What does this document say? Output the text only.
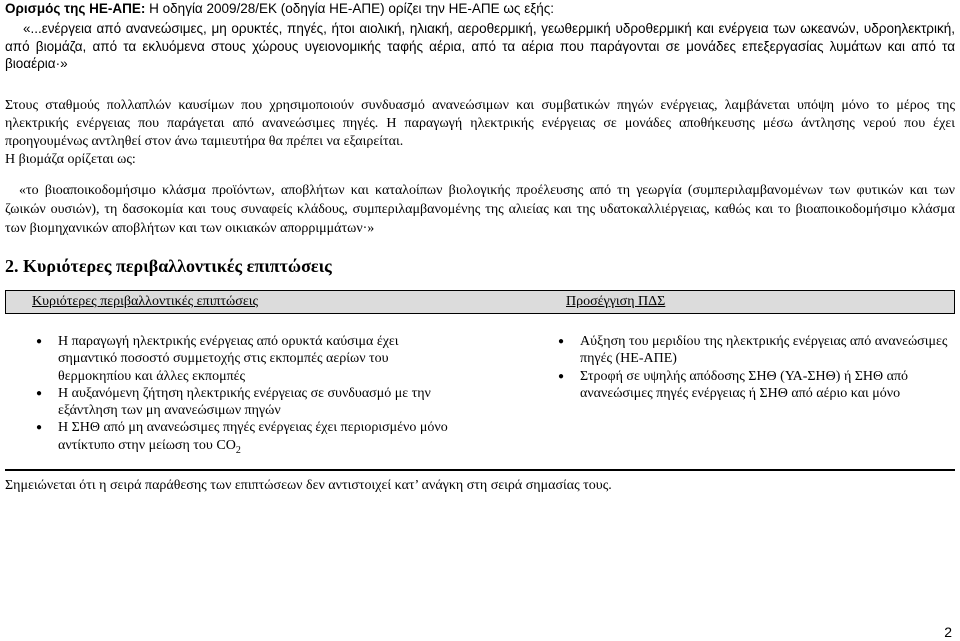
Ορισμός της ΗΕ-ΑΠΕ: Η οδηγία 2009/28/ΕΚ (οδηγία ΗΕ-ΑΠΕ) ορίζει την ΗΕ-ΑΠΕ ως εξής:
«...ενέργεια από ανανεώσιμες, μη ορυκτές, πηγές, ήτοι αιολική, ηλιακή, αεροθερμική, γεωθερμική υδροθερμική και ενέργεια των ωκεανών, υδροηλεκτρική, από βιομάζα, από τα εκλυόμενα στους χώρους υγειονομικής ταφής αέρια, από τα αέρια που παράγονται σε μονάδες επεξεργασίας λυμάτων και από τα βιοαέρια·»
Στους σταθμούς πολλαπλών καυσίμων που χρησιμοποιούν συνδυασμό ανανεώσιμων και συμβατικών πηγών ενέργειας, λαμβάνεται υπόψη μόνο το μέρος της ηλεκτρικής ενέργειας που παράγεται από ανανεώσιμες πηγές. Η παραγωγή ηλεκτρικής ενέργειας σε μονάδες αποθήκευσης μέσω άντλησης νερού που έχει προηγουμένως αντληθεί στον άνω ταμιευτήρα θα πρέπει να εξαιρείται.
Η βιομάζα ορίζεται ως:
«το βιοαποικοδομήσιμο κλάσμα προϊόντων, αποβλήτων και καταλοίπων βιολογικής προέλευσης από τη γεωργία (συμπεριλαμβανομένων των φυτικών και των ζωικών ουσιών), τη δασοκομία και τους συναφείς κλάδους, συμπεριλαμβανομένης της αλιείας και της υδατοκαλλιέργειας, καθώς και το βιοαποικοδομήσιμο κλάσμα των βιομηχανικών αποβλήτων και των οικιακών απορριμμάτων·»
2. Κυριότερες περιβαλλοντικές επιπτώσεις
Κυριότερες περιβαλλοντικές επιπτώσεις	Προσέγγιση ΠΔΣ
● Η παραγωγή ηλεκτρικής ενέργειας από ορυκτά καύσιμα έχει σημαντικό ποσοστό συμμετοχής στις εκπομπές αερίων του θερμοκηπίου και άλλες εκπομπές
● Η αυξανόμενη ζήτηση ηλεκτρικής ενέργειας σε συνδυασμό με την εξάντληση των μη ανανεώσιμων πηγών
● Η ΣΗΘ από μη ανανεώσιμες πηγές ενέργειας έχει περιορισμένο μόνο αντίκτυπο στην μείωση του $CO_2$
● Αύξηση του μεριδίου της ηλεκτρικής ενέργειας από ανανεώσιμες πηγές (ΗΕ-ΑΠΕ)
● Στροφή σε υψηλής απόδοσης ΣΗΘ (ΥΑ-ΣΗΘ) ή ΣΗΘ από ανανεώσιμες πηγές ενέργειας ή ΣΗΘ από αέριο και μόνο
Σημειώνεται ότι η σειρά παράθεσης των επιπτώσεων δεν αντιστοιχεί κατ’ ανάγκη στη σειρά σημασίας τους.
2
